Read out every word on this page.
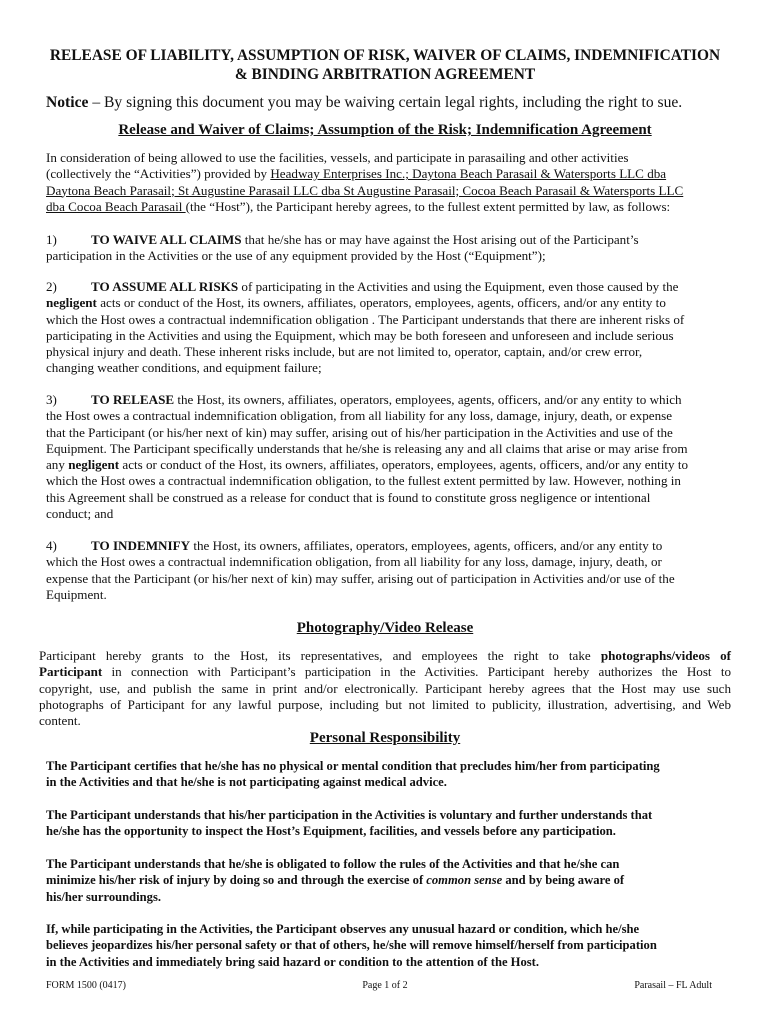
RELEASE OF LIABILITY, ASSUMPTION OF RISK, WAIVER OF CLAIMS, INDEMNIFICATION
& BINDING ARBITRATION AGREEMENT

Notice – By signing this document you may be waiving certain legal rights, including the right to sue.

Release and Waiver of Claims; Assumption of the Risk; Indemnification Agreement
In consideration of being allowed to use the facilities, vessels, and participate in parasailing and other activities
(collectively the “Activities”) provided by Headway Enterprises Inc.; Daytona Beach Parasail & Watersports LLC dba
Daytona Beach Parasail; St Augustine Parasail LLC dba St Augustine Parasail; Cocoa Beach Parasail & Watersports LLC
dba Cocoa Beach Parasail (the “Host”), the Participant hereby agrees, to the fullest extent permitted by law, as follows:
1)	TO WAIVE ALL CLAIMS that he/she has or may have against the Host arising out of the Participant’s
participation in the Activities or the use of any equipment provided by the Host (“Equipment”);
2)	TO ASSUME ALL RISKS of participating in the Activities and using the Equipment, even those caused by the
negligent acts or conduct of the Host, its owners, affiliates, operators, employees, agents, officers, and/or any entity to
which the Host owes a contractual indemnification obligation . The Participant understands that there are inherent risks of
participating in the Activities and using the Equipment, which may be both foreseen and unforeseen and include serious
physical injury and death. These inherent risks include, but are not limited to, operator, captain, and/or crew error,
changing weather conditions, and equipment failure;
3)	TO RELEASE the Host, its owners, affiliates, operators, employees, agents, officers, and/or any entity to which
the Host owes a contractual indemnification obligation, from all liability for any loss, damage, injury, death, or expense
that the Participant (or his/her next of kin) may suffer, arising out of his/her participation in the Activities and use of the
Equipment. The Participant specifically understands that he/she is releasing any and all claims that arise or may arise from
any negligent acts or conduct of the Host, its owners, affiliates, operators, employees, agents, officers, and/or any entity to
which the Host owes a contractual indemnification obligation, to the fullest extent permitted by law. However, nothing in
this Agreement shall be construed as a release for conduct that is found to constitute gross negligence or intentional
conduct; and
4)	TO INDEMNIFY the Host, its owners, affiliates, operators, employees, agents, officers, and/or any entity to
which the Host owes a contractual indemnification obligation, from all liability for any loss, damage, injury, death, or
expense that the Participant (or his/her next of kin) may suffer, arising out of participation in Activities and/or use of the
Equipment.
Photography/Video Release
Participant hereby grants to the Host, its representatives, and employees the right to take photographs/videos of
Participant in connection with Participant’s participation in the Activities. Participant hereby authorizes the Host to
copyright, use, and publish the same in print and/or electronically. Participant hereby agrees that the Host may use such
photographs of Participant for any lawful purpose, including but not limited to publicity, illustration, advertising, and Web
content.
Personal Responsibility
The Participant certifies that he/she has no physical or mental condition that precludes him/her from participating
in the Activities and that he/she is not participating against medical advice.
The Participant understands that his/her participation in the Activities is voluntary and further understands that
he/she has the opportunity to inspect the Host’s Equipment, facilities, and vessels before any participation.
The Participant understands that he/she is obligated to follow the rules of the Activities and that he/she can
minimize his/her risk of injury by doing so and through the exercise of common sense and by being aware of
his/her surroundings.
If, while participating in the Activities, the Participant observes any unusual hazard or condition, which he/she
believes jeopardizes his/her personal safety or that of others, he/she will remove himself/herself from participation
in the Activities and immediately bring said hazard or condition to the attention of the Host.

FORM 1500 (0417)	Page 1 of 2	Parasail – FL Adult
